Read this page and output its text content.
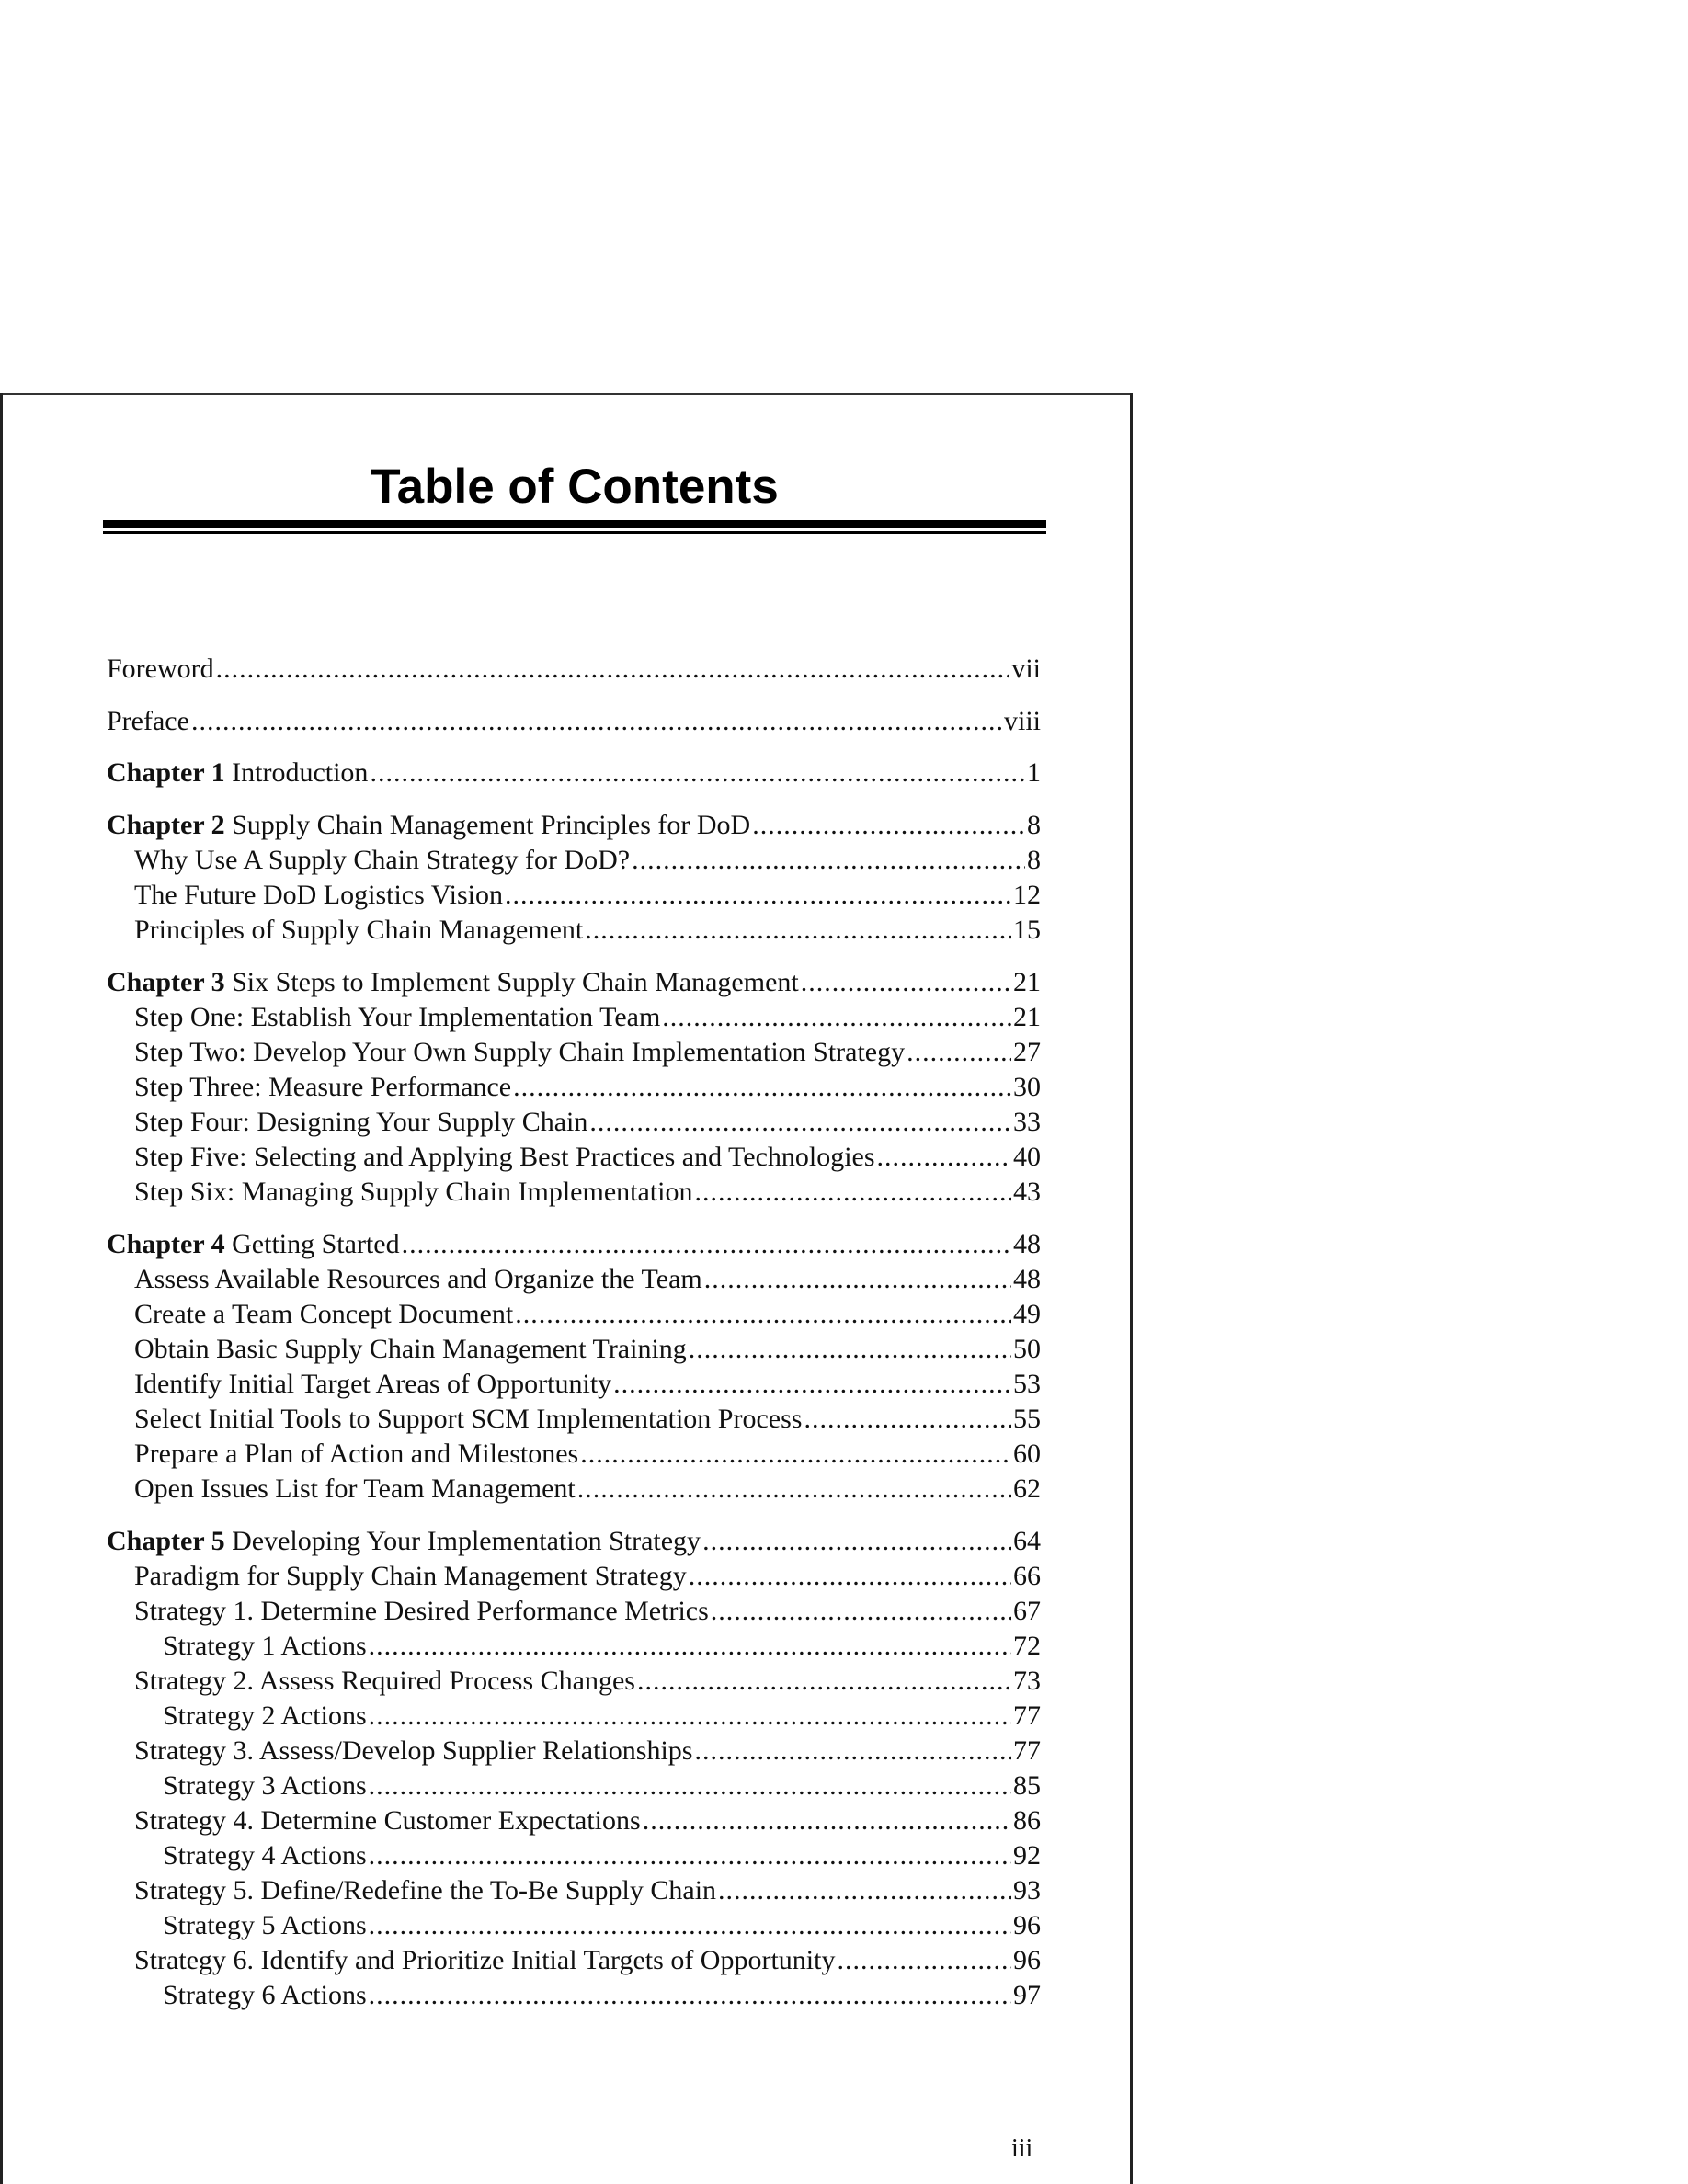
Table of Contents
Foreword .....	vii
Preface .....	viii
Chapter 1 Introduction .....	1
Chapter 2 Supply Chain Management Principles for DoD .....	8
Why Use A Supply Chain Strategy for DoD? .....	8
The Future DoD Logistics Vision .....	12
Principles of Supply Chain Management .....	15
Chapter 3 Six Steps to Implement Supply Chain Management .....	21
Step One: Establish Your Implementation Team .....	21
Step Two: Develop Your Own Supply Chain Implementation Strategy .....	27
Step Three: Measure Performance .....	30
Step Four: Designing Your Supply Chain .....	33
Step Five: Selecting and Applying Best Practices and Technologies .....	40
Step Six: Managing Supply Chain Implementation .....	43
Chapter 4 Getting Started .....	48
Assess Available Resources and Organize the Team .....	48
Create a Team Concept Document .....	49
Obtain Basic Supply Chain Management Training .....	50
Identify Initial Target Areas of Opportunity .....	53
Select Initial Tools to Support SCM Implementation Process .....	55
Prepare a Plan of Action and Milestones .....	60
Open Issues List for Team Management .....	62
Chapter 5 Developing Your Implementation Strategy .....	64
Paradigm for Supply Chain Management Strategy .....	66
Strategy 1. Determine Desired Performance Metrics .....	67
Strategy 1 Actions .....	72
Strategy 2. Assess Required Process Changes .....	73
Strategy 2 Actions .....	77
Strategy 3. Assess/Develop Supplier Relationships .....	77
Strategy 3 Actions .....	85
Strategy 4. Determine Customer Expectations .....	86
Strategy 4 Actions .....	92
Strategy 5. Define/Redefine the To-Be Supply Chain .....	93
Strategy 5 Actions .....	96
Strategy 6. Identify and Prioritize Initial Targets of Opportunity .....	96
Strategy 6 Actions .....	97
iii
